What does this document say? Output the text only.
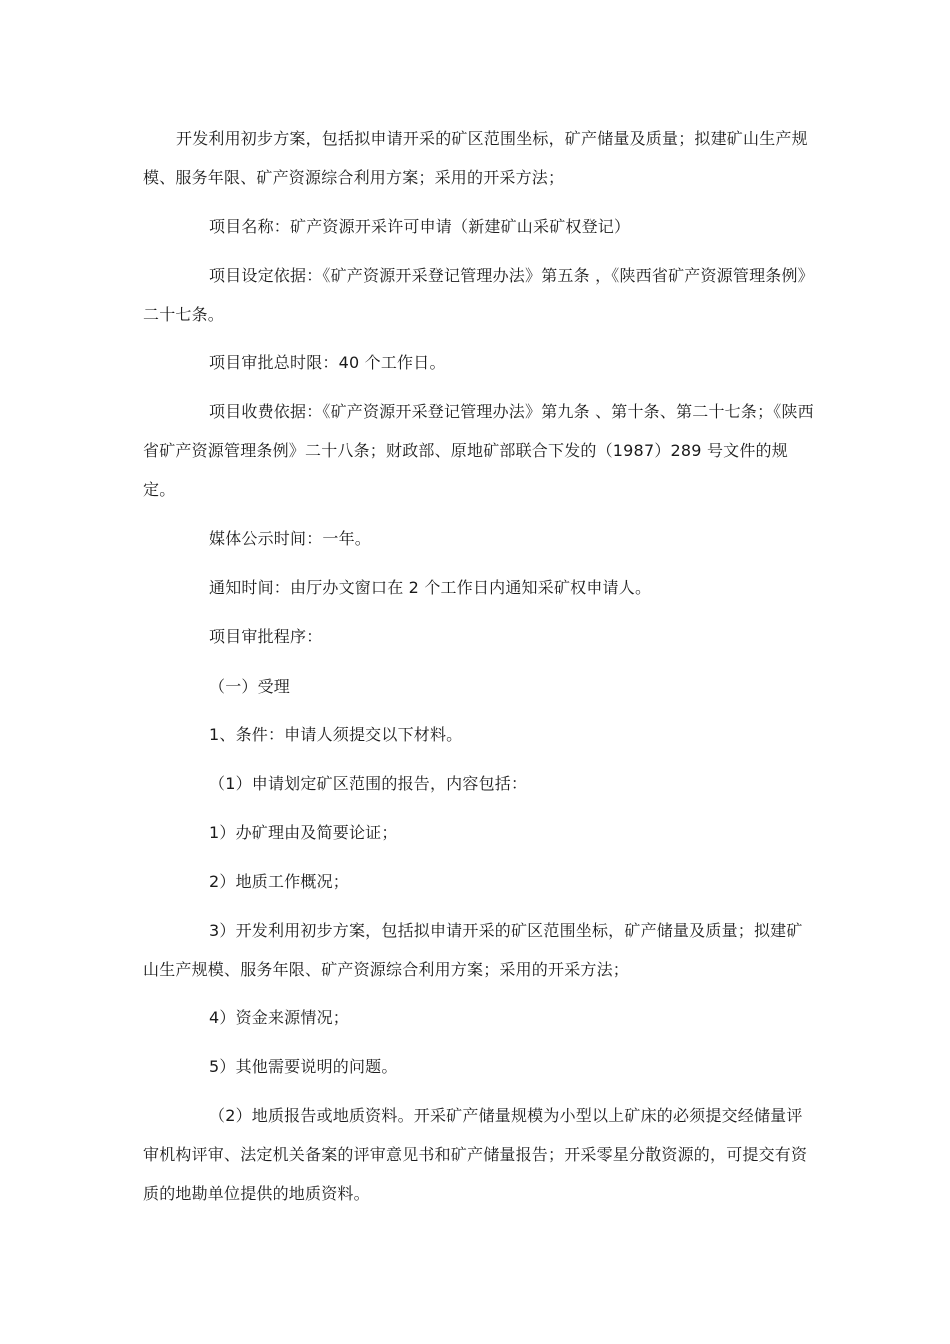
开发利用初步方案，包括拟申请开采的矿区范围坐标，矿产储量及质量；拟建矿山生产规模、服务年限、矿产资源综合利用方案；采用的开采方法；

项目名称：矿产资源开采许可申请（新建矿山采矿权登记）

项目设定依据：《矿产资源开采登记管理办法》第五条 ，《陕西省矿产资源管理条例》二十七条。

项目审批总时限：40 个工作日。

项目收费依据：《矿产资源开采登记管理办法》第九条 、第十条、第二十七条；《陕西省矿产资源管理条例》二十八条；财政部、原地矿部联合下发的（1987）289 号文件的规定。

媒体公示时间：一年。

通知时间：由厅办文窗口在 2 个工作日内通知采矿权申请人。

项目审批程序：

（一）受理

1、条件：申请人须提交以下材料。

（1）申请划定矿区范围的报告，内容包括：

1）办矿理由及简要论证；

2）地质工作概况；

3）开发利用初步方案，包括拟申请开采的矿区范围坐标，矿产储量及质量；拟建矿山生产规模、服务年限、矿产资源综合利用方案；采用的开采方法；

4）资金来源情况；

5）其他需要说明的问题。

（2）地质报告或地质资料。开采矿产储量规模为小型以上矿床的必须提交经储量评审机构评审、法定机关备案的评审意见书和矿产储量报告；开采零星分散资源的，可提交有资质的地勘单位提供的地质资料。
